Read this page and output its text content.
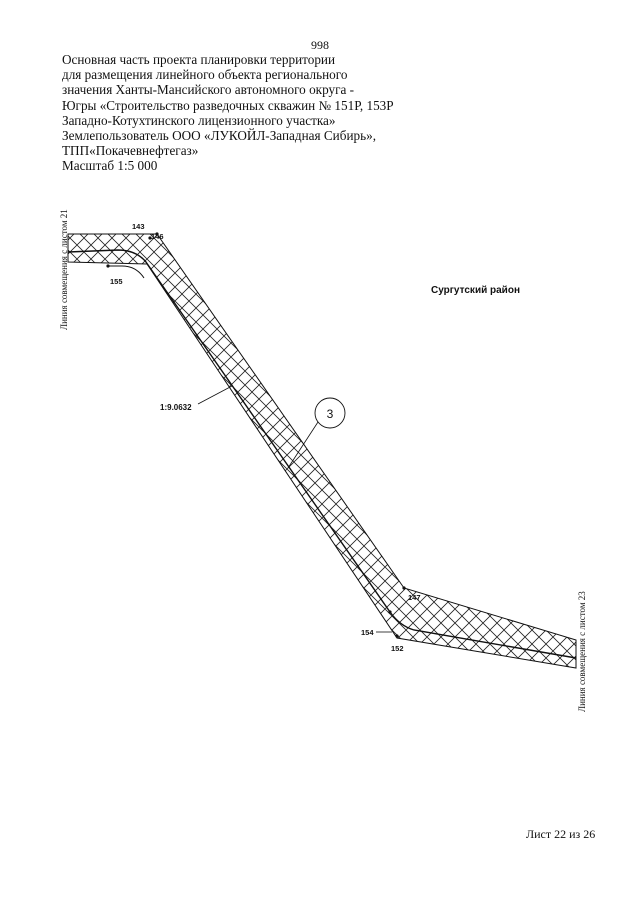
998
Основная часть проекта планировки территории
для размещения линейного объекта регионального
значения Ханты-Мансийского автономного округа -
Югры «Строительство разведочных скважин № 151Р, 153Р
Западно-Котухтинского лицензионного участка»
Землепользователь ООО «ЛУКОЙЛ-Западная Сибирь»,
ТПП«Покачевнефтегаз»
Масштаб 1:5 000
143
146
155
147
154
152
3
1:9.0632
Сургутский район
Линия совмещения с листом 21
Линия совмещения с листом 23
Лист 22 из 26
